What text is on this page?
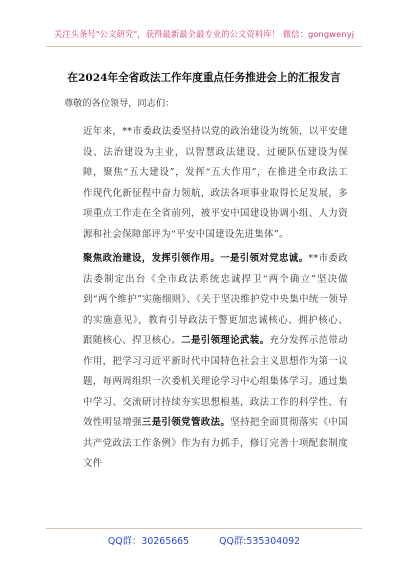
关注头条号"公文研究"，获得最新最全最专业的公文资料库！ 微信：gongwenyj
在2024年全省政法工作年度重点任务推进会上的汇报发言
尊敬的各位领导，同志们：

近年来，**市委政法委坚持以党的政治建设为统领，以平安建设、法治建设为主业，以智慧政法建设、过硬队伍建设为保障，聚焦“五大建设”，发挥“五大作用”，在推进全市政法工作现代化新征程中奋力领航，政法各项事业取得长足发展，多项重点工作走在全省前列，被平安中国建设协调小组、人力资源和社会保障部评为“平安中国建设先进集体”。

聚焦政治建设，发挥引领作用。一是引领对党忠诚。**市委政法委制定出台《全市政法系统忠诚捍卫“两个确立”坚决做到“两个维护”实施细则》、《关于坚决维护党中央集中统一领导的实施意见》，教育引导政法干警更加忠诚核心、拥护核心、跟随核心、捍卫核心。二是引领理论武装。充分发挥示范带动作用，把学习习近平新时代中国特色社会主义思想作为第一议题，每两周组织一次委机关理论学习中心组集体学习。通过集中学习、交流研讨持续夯实思想根基，政法工作的科学性、有效性明显增强三是引领党管政法。坚持把全面贯彻落实《中国共产党政法工作条例》作为有力抓手，修订完善十项配套制度文件

QQ群：30265665	QQ群:535304092
